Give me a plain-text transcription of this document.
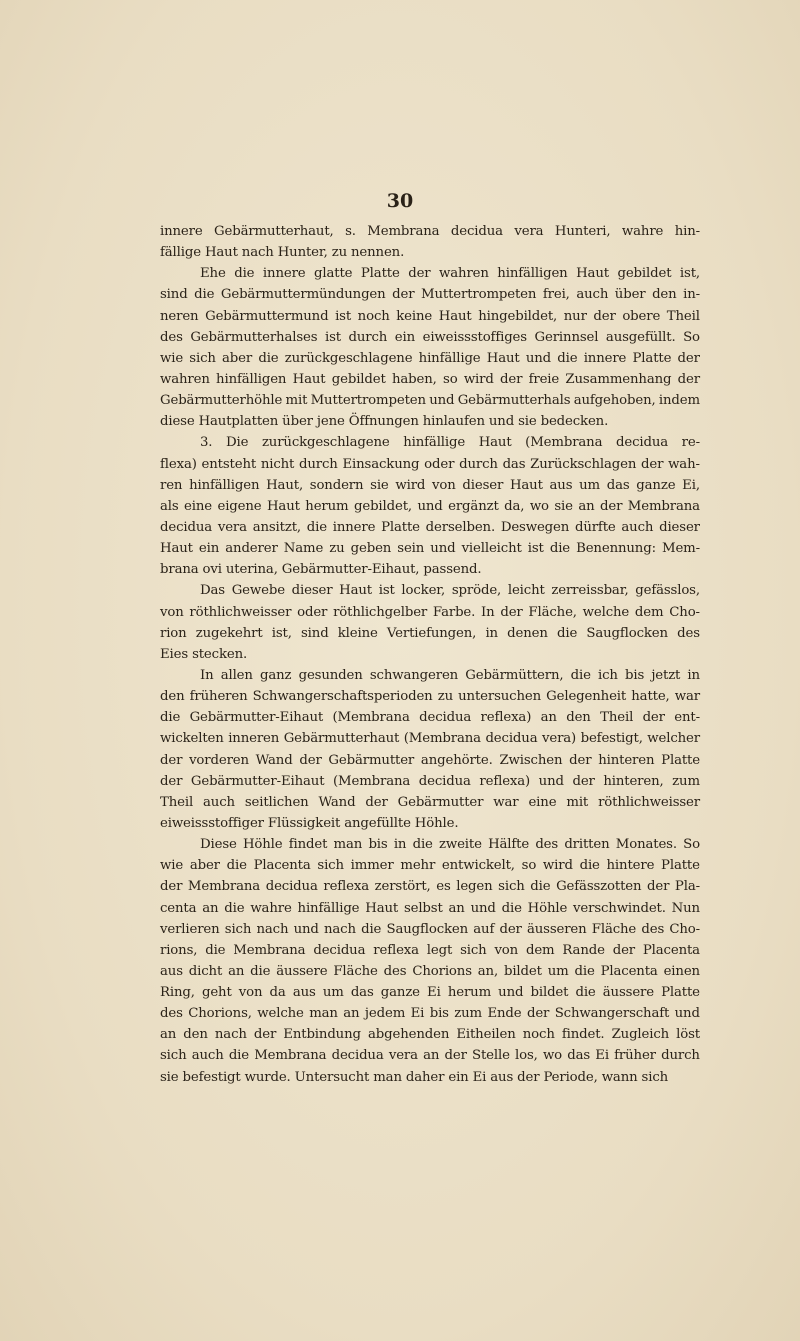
30
innere Gebärmutterhaut, s. Membrana decidua vera Hunteri, wahre hin-
fällige Haut nach Hunter, zu nennen.
Ehe die innere glatte Platte der wahren hinfälligen Haut gebildet ist,
sind die Gebärmuttermündungen der Muttertrompeten frei, auch über den in-
neren Gebärmuttermund ist noch keine Haut hingebildet, nur der obere Theil
des Gebärmutterhalses ist durch ein eiweissstoffiges Gerinnsel ausgefüllt. So
wie sich aber die zurückgeschlagene hinfällige Haut und die innere Platte der
wahren hinfälligen Haut gebildet haben, so wird der freie Zusammenhang der
Gebärmutterhöhle mit Muttertrompeten und Gebärmutterhals aufgehoben, indem
diese Hautplatten über jene Öffnungen hinlaufen und sie bedecken.
3. Die zurückgeschlagene hinfällige Haut (Membrana decidua re-
flexa) entsteht nicht durch Einsackung oder durch das Zurückschlagen der wah-
ren hinfälligen Haut, sondern sie wird von dieser Haut aus um das ganze Ei,
als eine eigene Haut herum gebildet, und ergänzt da, wo sie an der Membrana
decidua vera ansitzt, die innere Platte derselben. Deswegen dürfte auch dieser
Haut ein anderer Name zu geben sein und vielleicht ist die Benennung: Mem-
brana ovi uterina, Gebärmutter-Eihaut, passend.
Das Gewebe dieser Haut ist locker, spröde, leicht zerreissbar, gefässlos,
von röthlichweisser oder röthlichgelber Farbe. In der Fläche, welche dem Cho-
rion zugekehrt ist, sind kleine Vertiefungen, in denen die Saugflocken des
Eies stecken.
In allen ganz gesunden schwangeren Gebärmüttern, die ich bis jetzt in
den früheren Schwangerschaftsperioden zu untersuchen Gelegenheit hatte, war
die Gebärmutter-Eihaut (Membrana decidua reflexa) an den Theil der ent-
wickelten inneren Gebärmutterhaut (Membrana decidua vera) befestigt, welcher
der vorderen Wand der Gebärmutter angehörte. Zwischen der hinteren Platte
der Gebärmutter-Eihaut (Membrana decidua reflexa) und der hinteren, zum
Theil auch seitlichen Wand der Gebärmutter war eine mit röthlichweisser
eiweissstoffiger Flüssigkeit angefüllte Höhle.
Diese Höhle findet man bis in die zweite Hälfte des dritten Monates. So
wie aber die Placenta sich immer mehr entwickelt, so wird die hintere Platte
der Membrana decidua reflexa zerstört, es legen sich die Gefässzotten der Pla-
centa an die wahre hinfällige Haut selbst an und die Höhle verschwindet. Nun
verlieren sich nach und nach die Saugflocken auf der äusseren Fläche des Cho-
rions, die Membrana decidua reflexa legt sich von dem Rande der Placenta
aus dicht an die äussere Fläche des Chorions an, bildet um die Placenta einen
Ring, geht von da aus um das ganze Ei herum und bildet die äussere Platte
des Chorions, welche man an jedem Ei bis zum Ende der Schwangerschaft und
an den nach der Entbindung abgehenden Eitheilen noch findet. Zugleich löst
sich auch die Membrana decidua vera an der Stelle los, wo das Ei früher durch
sie befestigt wurde. Untersucht man daher ein Ei aus der Periode, wann sich
